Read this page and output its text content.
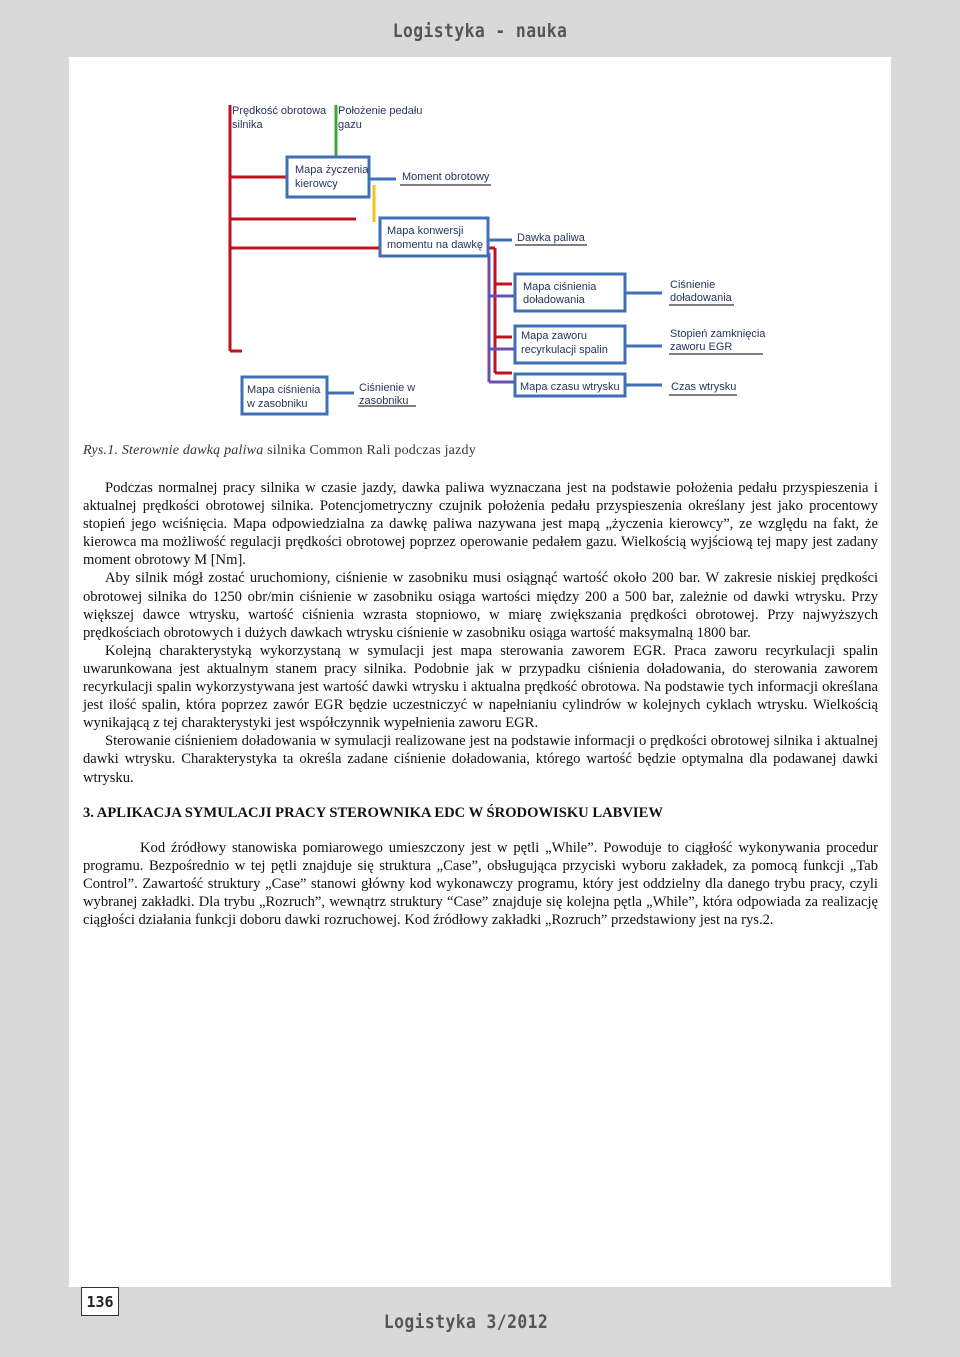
Logistyka - nauka
Prędkość obrotowa silnika
Położenie pedału gazu
Mapa życzenia kierowcy
Moment obrotowy
Mapa konwersji momentu na dawkę
Dawka paliwa
Mapa ciśnienia doładowania
Ciśnienie doładowania
Mapa zaworu recyrkulacji spalin
Stopień zamknięcia zaworu EGR
Mapa ciśnienia w zasobniku
Ciśnienie w zasobniku
Mapa czasu wtrysku	Czas wtrysku
Rys.1. Sterownie dawką paliwa silnika Common Rali podczas jazdy

Podczas normalnej pracy silnika w czasie jazdy, dawka paliwa wyznaczana jest na podstawie położenia pedału przyspieszenia i aktualnej prędkości obrotowej silnika. Potencjometryczny czujnik położenia pedału przyspieszenia określany jest jako procentowy stopień jego wciśnięcia. Mapa odpowiedzialna za dawkę paliwa nazywana jest mapą „życzenia kierowcy”, ze względu na fakt, że kierowca ma możliwość regulacji prędkości obrotowej poprzez operowanie pedałem gazu. Wielkością wyjściową tej mapy jest zadany moment obrotowy M [Nm].

Aby silnik mógł zostać uruchomiony, ciśnienie w zasobniku musi osiągnąć wartość około 200 bar. W zakresie niskiej prędkości obrotowej silnika do 1250 obr/min ciśnienie w zasobniku osiąga wartości między 200 a 500 bar, zależnie od dawki wtrysku. Przy większej dawce wtrysku, wartość ciśnienia wzrasta stopniowo, w miarę zwiększania prędkości obrotowej. Przy najwyższych prędkościach obrotowych i dużych dawkach wtrysku ciśnienie w zasobniku osiąga wartość maksymalną 1800 bar.

Kolejną charakterystyką wykorzystaną w symulacji jest mapa sterowania zaworem EGR. Praca zaworu recyrkulacji spalin uwarunkowana jest aktualnym stanem pracy silnika. Podobnie jak w przypadku ciśnienia doładowania, do sterowania zaworem recyrkulacji spalin wykorzystywana jest wartość dawki wtrysku i aktualna prędkość obrotowa. Na podstawie tych informacji określana jest ilość spalin, która poprzez zawór EGR będzie uczestniczyć w napełnianiu cylindrów w kolejnych cyklach wtrysku. Wielkością wynikającą z tej charakterystyki jest współczynnik wypełnienia zaworu EGR.

Sterowanie ciśnieniem doładowania w symulacji realizowane jest na podstawie informacji o prędkości obrotowej silnika i aktualnej dawki wtrysku. Charakterystyka ta określa zadane ciśnienie doładowania, którego wartość będzie optymalna dla podawanej dawki wtrysku.

3. APLIKACJA SYMULACJI PRACY STEROWNIKA EDC W ŚRODOWISKU LABVIEW

Kod źródłowy stanowiska pomiarowego umieszczony jest w pętli „While”. Powoduje to ciągłość wykonywania procedur programu. Bezpośrednio w tej pętli znajduje się struktura „Case”, obsługująca przyciski wyboru zakładek, za pomocą funkcji „Tab Control”. Zawartość struktury „Case” stanowi główny kod wykonawczy programu, który jest oddzielny dla danego trybu pracy, czyli wybranej zakładki. Dla trybu „Rozruch”, wewnątrz struktury “Case” znajduje się kolejna pętla „While”, która odpowiada za realizację ciągłości działania funkcji doboru dawki rozruchowej. Kod źródłowy zakładki „Rozruch” przedstawiony jest na rys.2.

136
Logistyka 3/2012
